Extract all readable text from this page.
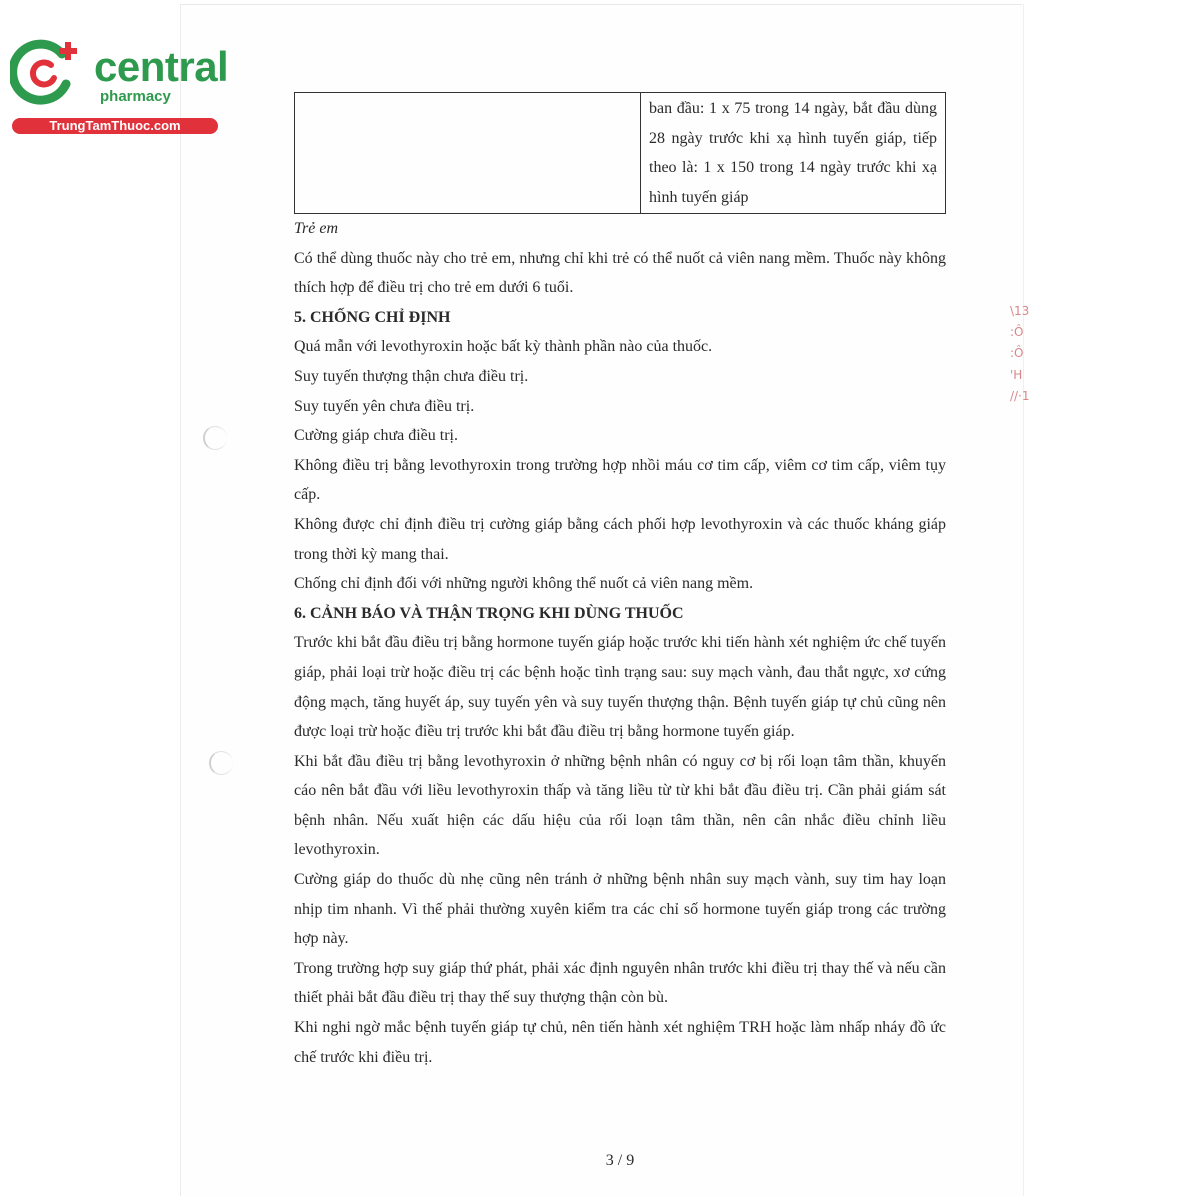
central
pharmacy
TrungTamThuoc.com
\13
:Ô
:Ô
'H
//·1
	ban đầu: 1 x 75 trong 14 ngày, bắt đầu dùng 28 ngày trước khi xạ hình tuyến giáp, tiếp theo là: 1 x 150 trong 14 ngày trước khi xạ hình tuyến giáp

Trẻ em

Có thể dùng thuốc này cho trẻ em, nhưng chỉ khi trẻ có thể nuốt cả viên nang mềm. Thuốc này không thích hợp để điều trị cho trẻ em dưới 6 tuổi.

5. CHỐNG CHỈ ĐỊNH

Quá mẫn với levothyroxin hoặc bất kỳ thành phần nào của thuốc.

Suy tuyến thượng thận chưa điều trị.

Suy tuyến yên chưa điều trị.

Cường giáp chưa điều trị.

Không điều trị bằng levothyroxin trong trường hợp nhồi máu cơ tim cấp, viêm cơ tim cấp, viêm tụy cấp.

Không được chỉ định điều trị cường giáp bằng cách phối hợp levothyroxin và các thuốc kháng giáp trong thời kỳ mang thai.

Chống chỉ định đối với những người không thể nuốt cả viên nang mềm.

6. CẢNH BÁO VÀ THẬN TRỌNG KHI DÙNG THUỐC

Trước khi bắt đầu điều trị bằng hormone tuyến giáp hoặc trước khi tiến hành xét nghiệm ức chế tuyến giáp, phải loại trừ hoặc điều trị các bệnh hoặc tình trạng sau: suy mạch vành, đau thắt ngực, xơ cứng động mạch, tăng huyết áp, suy tuyến yên và suy tuyến thượng thận. Bệnh tuyến giáp tự chủ cũng nên được loại trừ hoặc điều trị trước khi bắt đầu điều trị bằng hormone tuyến giáp.

Khi bắt đầu điều trị bằng levothyroxin ở những bệnh nhân có nguy cơ bị rối loạn tâm thần, khuyến cáo nên bắt đầu với liều levothyroxin thấp và tăng liều từ từ khi bắt đầu điều trị. Cần phải giám sát bệnh nhân. Nếu xuất hiện các dấu hiệu của rối loạn tâm thần, nên cân nhắc điều chỉnh liều levothyroxin.

Cường giáp do thuốc dù nhẹ cũng nên tránh ở những bệnh nhân suy mạch vành, suy tim hay loạn nhịp tim nhanh. Vì thế phải thường xuyên kiểm tra các chỉ số hormone tuyến giáp trong các trường hợp này.

Trong trường hợp suy giáp thứ phát, phải xác định nguyên nhân trước khi điều trị thay thế và nếu cần thiết phải bắt đầu điều trị thay thế suy thượng thận còn bù.

Khi nghi ngờ mắc bệnh tuyến giáp tự chủ, nên tiến hành xét nghiệm TRH hoặc làm nhấp nháy đồ ức chế trước khi điều trị.

3 / 9
